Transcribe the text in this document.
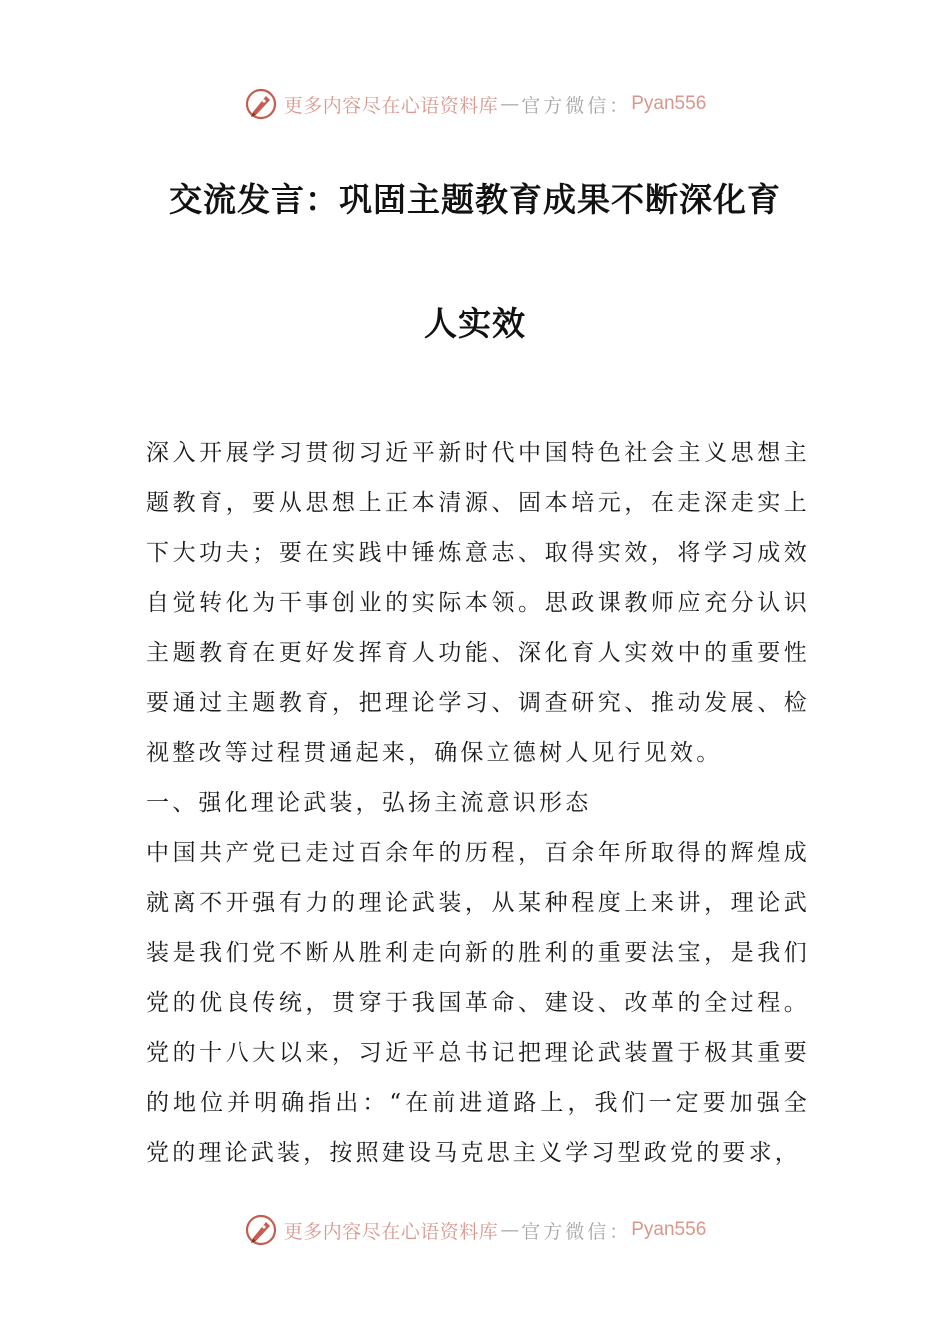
更多内容尽在心语资料库 — 官方微信： Pyan556
交流发言：巩固主题教育成果不断深化育
人实效

深入开展学习贯彻习近平新时代中国特色社会主义思想主题教育，要从思想上正本清源、固本培元，在走深走实上下大功夫；要在实践中锤炼意志、取得实效，将学习成效自觉转化为干事创业的实际本领。思政课教师应充分认识主题教育在更好发挥育人功能、深化育人实效中的重要性要通过主题教育，把理论学习、调查研究、推动发展、检视整改等过程贯通起来，确保立德树人见行见效。

一、强化理论武装，弘扬主流意识形态

中国共产党已走过百余年的历程，百余年所取得的辉煌成就离不开强有力的理论武装，从某种程度上来讲，理论武装是我们党不断从胜利走向新的胜利的重要法宝，是我们党的优良传统，贯穿于我国革命、建设、改革的全过程。党的十八大以来，习近平总书记把理论武装置于极其重要的地位并明确指出：“在前进道路上，我们一定要加强全党的理论武装，按照建设马克思主义学习型政党的要求，

更多内容尽在心语资料库 — 官方微信： Pyan556
